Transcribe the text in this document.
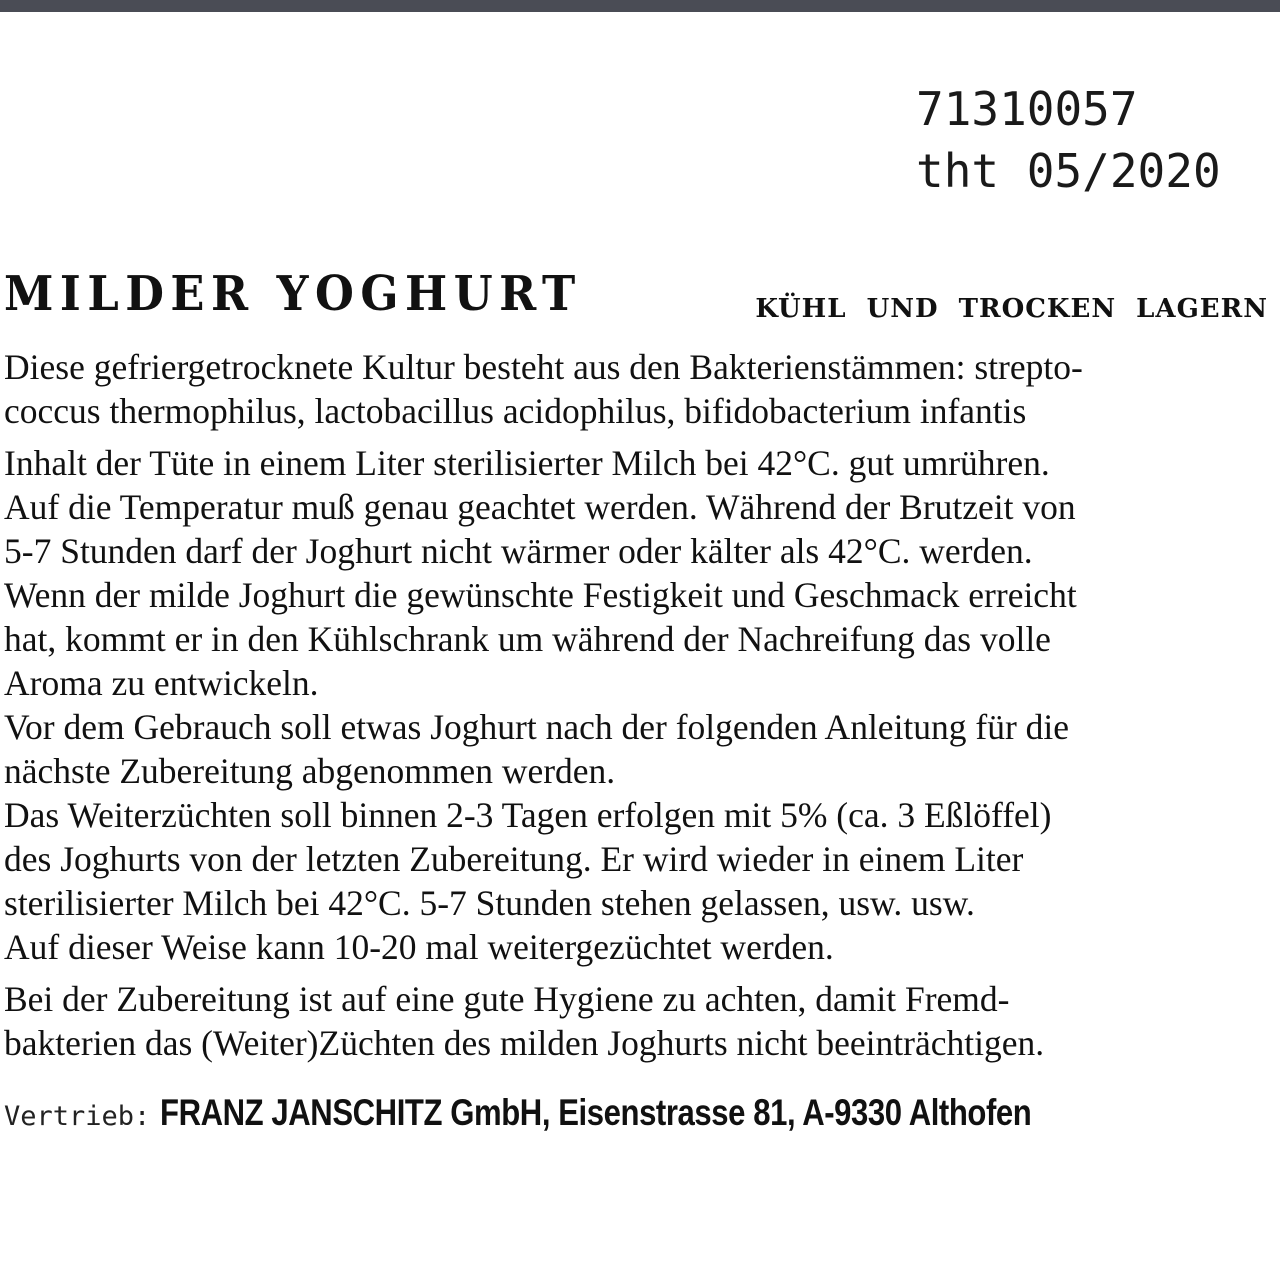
71310057
tht 05/2020
MILDER YOGHURT	KÜHL UND TROCKEN LAGERN
Diese gefriergetrocknete Kultur besteht aus den Bakterienstämmen: strepto-
coccus thermophilus, lactobacillus acidophilus, bifidobacterium infantis
Inhalt der Tüte in einem Liter sterilisierter Milch bei 42°C. gut umrühren.
Auf die Temperatur muß genau geachtet werden. Während der Brutzeit von
5-7 Stunden darf der Joghurt nicht wärmer oder kälter als 42°C. werden.
Wenn der milde Joghurt die gewünschte Festigkeit und Geschmack erreicht
hat, kommt er in den Kühlschrank um während der Nachreifung das volle
Aroma zu entwickeln.
Vor dem Gebrauch soll etwas Joghurt nach der folgenden Anleitung für die
nächste Zubereitung abgenommen werden.
Das Weiterzüchten soll binnen 2-3 Tagen erfolgen mit 5% (ca. 3 Eßlöffel)
des Joghurts von der letzten Zubereitung. Er wird wieder in einem Liter
sterilisierter Milch bei 42°C. 5-7 Stunden stehen gelassen, usw. usw.
Auf dieser Weise kann 10-20 mal weitergezüchtet werden.
Bei der Zubereitung ist auf eine gute Hygiene zu achten, damit Fremd-
bakterien das (Weiter)Züchten des milden Joghurts nicht beeinträchtigen.
Vertrieb: FRANZ JANSCHITZ GmbH, Eisenstrasse 81, A-9330 Althofen
